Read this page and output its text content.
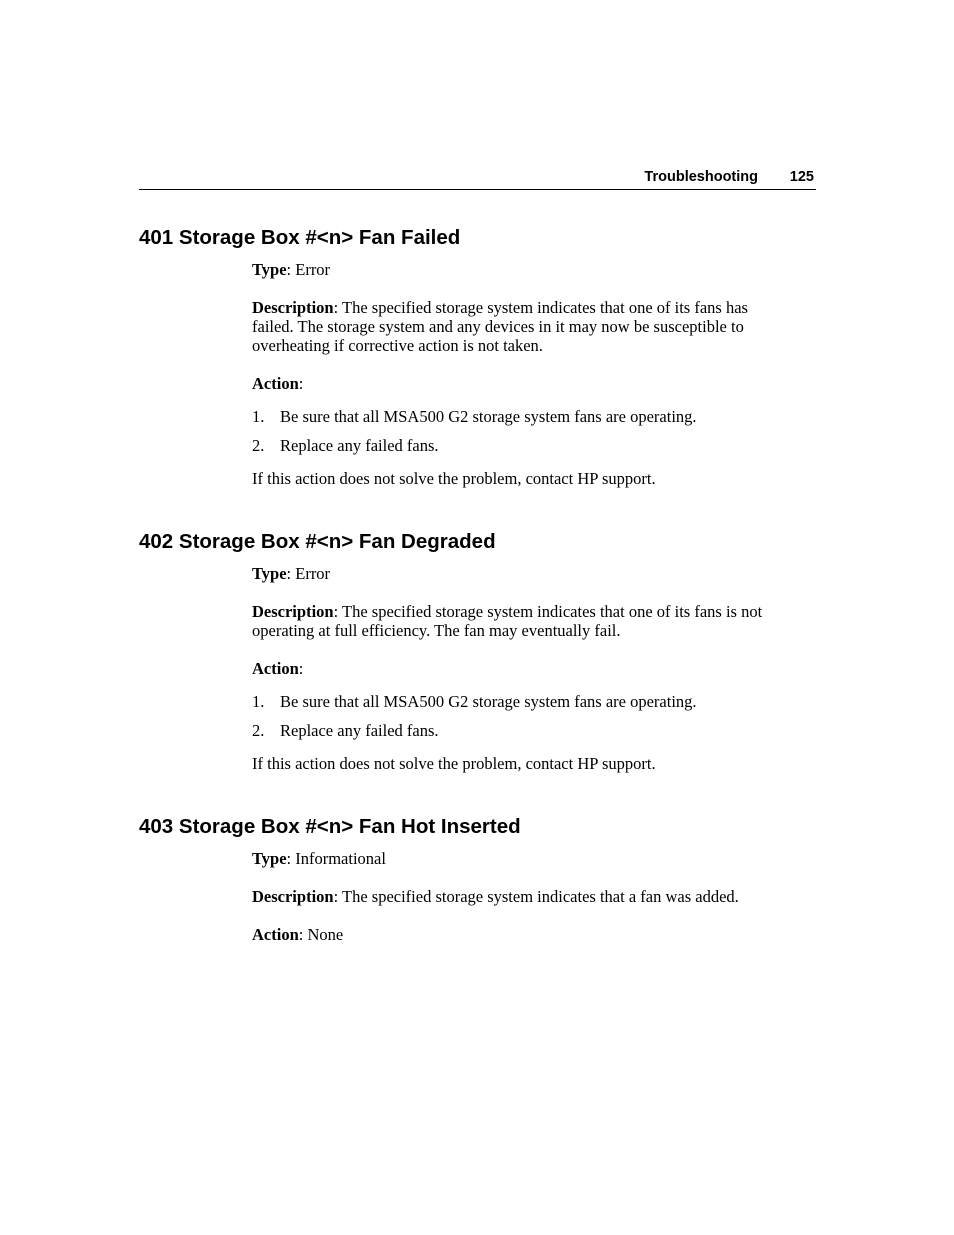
Troubleshooting 125
401 Storage Box #<n> Fan Failed

Type: Error

Description: The specified storage system indicates that one of its fans has failed. The storage system and any devices in it may now be susceptible to overheating if corrective action is not taken.

Action:

1. Be sure that all MSA500 G2 storage system fans are operating.
2. Replace any failed fans.

If this action does not solve the problem, contact HP support.

402 Storage Box #<n> Fan Degraded

Type: Error

Description: The specified storage system indicates that one of its fans is not operating at full efficiency. The fan may eventually fail.

Action:

1. Be sure that all MSA500 G2 storage system fans are operating.
2. Replace any failed fans.

If this action does not solve the problem, contact HP support.

403 Storage Box #<n> Fan Hot Inserted

Type: Informational

Description: The specified storage system indicates that a fan was added.

Action: None
